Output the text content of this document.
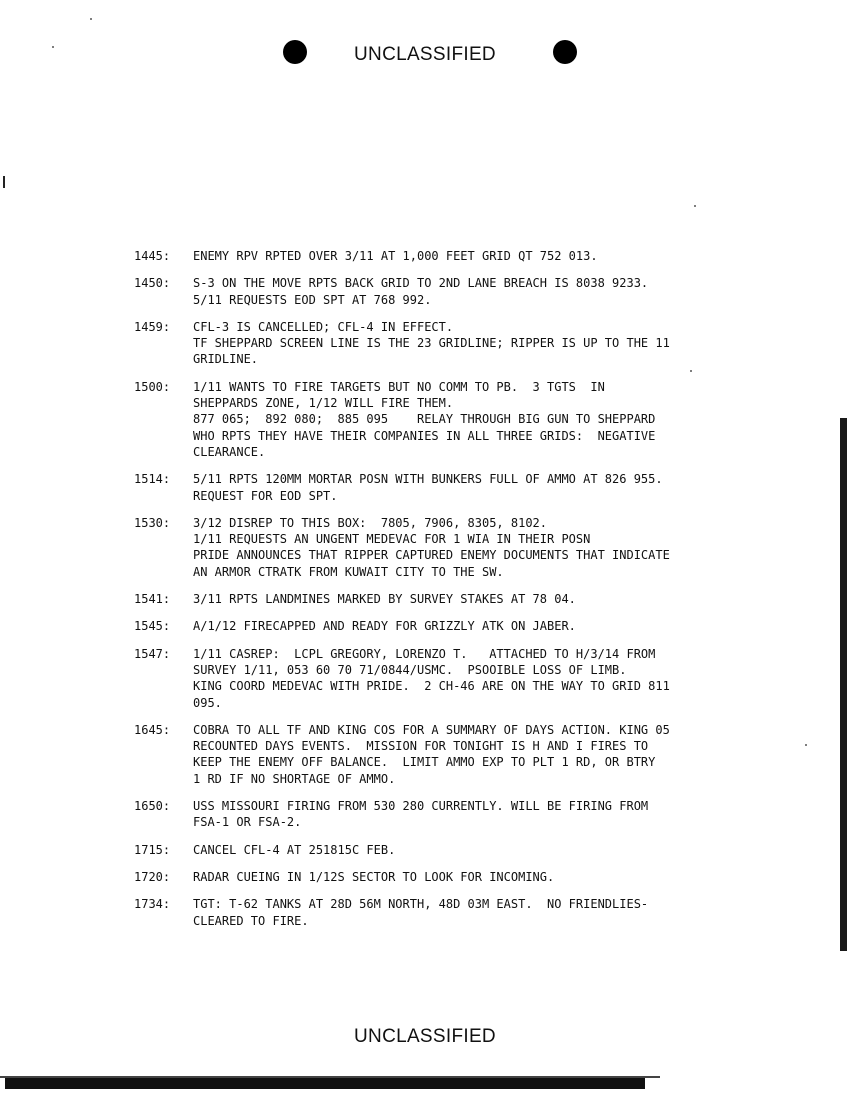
UNCLASSIFIED
1445:	ENEMY RPV RPTED OVER 3/11 AT 1,000 FEET GRID QT 752 013.
1450:	S-3 ON THE MOVE RPTS BACK GRID TO 2ND LANE BREACH IS 8038 9233.
5/11 REQUESTS EOD SPT AT 768 992.
1459:	CFL-3 IS CANCELLED; CFL-4 IN EFFECT.
TF SHEPPARD SCREEN LINE IS THE 23 GRIDLINE; RIPPER IS UP TO THE 11
GRIDLINE.
1500:	1/11 WANTS TO FIRE TARGETS BUT NO COMM TO PB.  3 TGTS  IN
SHEPPARDS ZONE, 1/12 WILL FIRE THEM.
877 065;  892 080;  885 095    RELAY THROUGH BIG GUN TO SHEPPARD
WHO RPTS THEY HAVE THEIR COMPANIES IN ALL THREE GRIDS:  NEGATIVE
CLEARANCE.
1514:	5/11 RPTS 120MM MORTAR POSN WITH BUNKERS FULL OF AMMO AT 826 955.
REQUEST FOR EOD SPT.
1530:	3/12 DISREP TO THIS BOX:  7805, 7906, 8305, 8102.
1/11 REQUESTS AN UNGENT MEDEVAC FOR 1 WIA IN THEIR POSN
PRIDE ANNOUNCES THAT RIPPER CAPTURED ENEMY DOCUMENTS THAT INDICATE
AN ARMOR CTRATK FROM KUWAIT CITY TO THE SW.
1541:	3/11 RPTS LANDMINES MARKED BY SURVEY STAKES AT 78 04.
1545:	A/1/12 FIRECAPPED AND READY FOR GRIZZLY ATK ON JABER.
1547:	1/11 CASREP:  LCPL GREGORY, LORENZO T.   ATTACHED TO H/3/14 FROM
SURVEY 1/11, 053 60 70 71/0844/USMC.  PSOOIBLE LOSS OF LIMB.
KING COORD MEDEVAC WITH PRIDE.  2 CH-46 ARE ON THE WAY TO GRID 811
095.
1645:	COBRA TO ALL TF AND KING COS FOR A SUMMARY OF DAYS ACTION. KING 05
RECOUNTED DAYS EVENTS.  MISSION FOR TONIGHT IS H AND I FIRES TO
KEEP THE ENEMY OFF BALANCE.  LIMIT AMMO EXP TO PLT 1 RD, OR BTRY
1 RD IF NO SHORTAGE OF AMMO.
1650:	USS MISSOURI FIRING FROM 530 280 CURRENTLY. WILL BE FIRING FROM
FSA-1 OR FSA-2.
1715:	CANCEL CFL-4 AT 251815C FEB.
1720:	RADAR CUEING IN 1/12S SECTOR TO LOOK FOR INCOMING.
1734:	TGT: T-62 TANKS AT 28D 56M NORTH, 48D 03M EAST.  NO FRIENDLIES-
CLEARED TO FIRE.
UNCLASSIFIED
